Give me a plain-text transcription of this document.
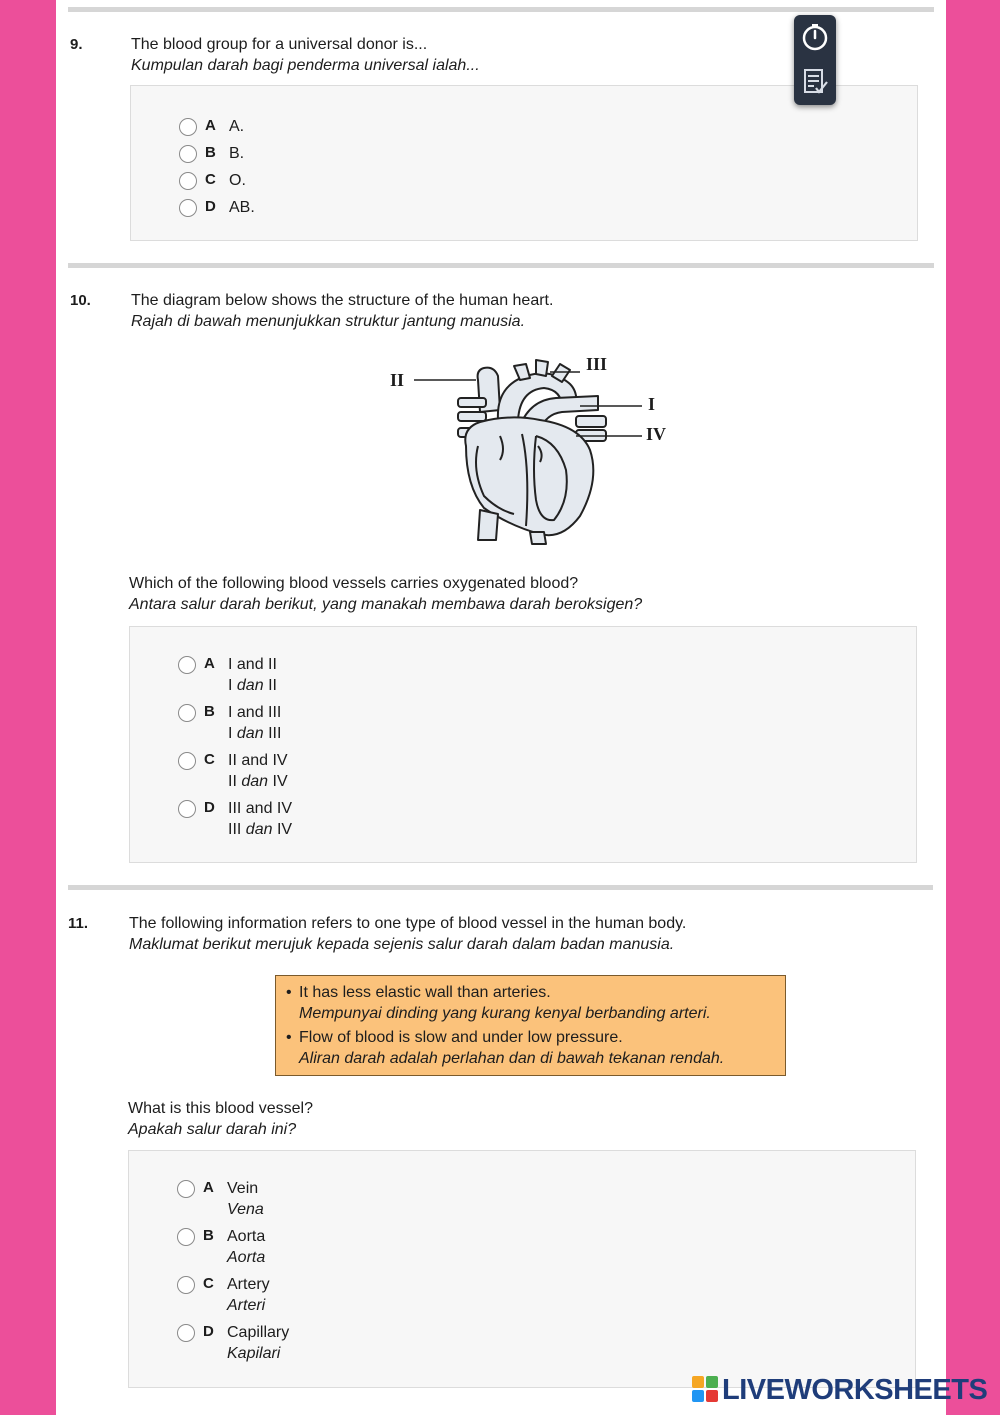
9.	The blood group for a universal donor is...
Kumpulan darah bagi penderma universal ialah...
A A.
B B.
C O.
D AB.
10.	The diagram below shows the structure of the human heart.
Rajah di bawah menunjukkan struktur jantung manusia.
II
III
I
IV
Which of the following blood vessels carries oxygenated blood?
Antara salur darah berikut, yang manakah membawa darah beroksigen?
A I and II
I dan II
B I and III
I dan III
C II and IV
II dan IV
D III and IV
III dan IV
11.	The following information refers to one type of blood vessel in the human body.
Maklumat berikut merujuk kepada sejenis salur darah dalam badan manusia.
• It has less elastic wall than arteries.
Mempunyai dinding yang kurang kenyal berbanding arteri.
• Flow of blood is slow and under low pressure.
Aliran darah adalah perlahan dan di bawah tekanan rendah.
What is this blood vessel?
Apakah salur darah ini?
A Vein
Vena
B Aorta
Aorta
C Artery
Arteri
D Capillary
Kapilari
LIVEWORKSHEETS
